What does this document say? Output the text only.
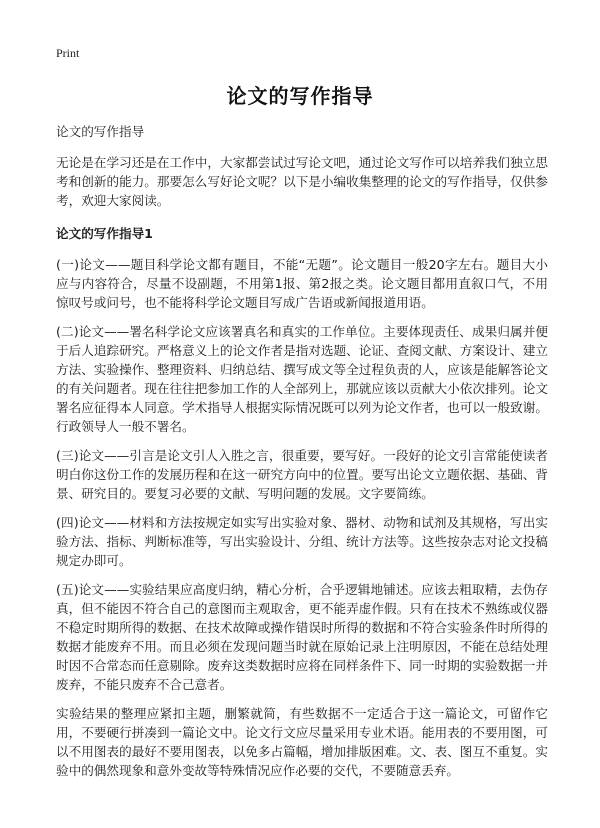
Print
论文的写作指导

论文的写作指导

无论是在学习还是在工作中，大家都尝试过写论文吧，通过论文写作可以培养我们独立思考和创新的能力。那要怎么写好论文呢？以下是小编收集整理的论文的写作指导，仅供参考，欢迎大家阅读。

论文的写作指导1

(一)论文——题目科学论文都有题目，不能“无题”。论文题目一般20字左右。题目大小应与内容符合，尽量不设副题，不用第1报、第2报之类。论文题目都用直叙口气，不用惊叹号或问号，也不能将科学论文题目写成广告语或新闻报道用语。

(二)论文——署名科学论文应该署真名和真实的工作单位。主要体现责任、成果归属并便于后人追踪研究。严格意义上的论文作者是指对选题、论证、查阅文献、方案设计、建立方法、实验操作、整理资料、归纳总结、撰写成文等全过程负责的人，应该是能解答论文的有关问题者。现在往往把参加工作的人全部列上，那就应该以贡献大小依次排列。论文署名应征得本人同意。学术指导人根据实际情况既可以列为论文作者，也可以一般致谢。行政领导人一般不署名。

(三)论文——引言是论文引人入胜之言，很重要，要写好。一段好的论文引言常能使读者明白你这份工作的发展历程和在这一研究方向中的位置。要写出论文立题依据、基础、背景、研究目的。要复习必要的文献、写明问题的发展。文字要简练。

(四)论文——材料和方法按规定如实写出实验对象、器材、动物和试剂及其规格，写出实验方法、指标、判断标准等，写出实验设计、分组、统计方法等。这些按杂志对论文投稿规定办即可。

(五)论文——实验结果应高度归纳，精心分析，合乎逻辑地铺述。应该去粗取精，去伪存真，但不能因不符合自己的意图而主观取舍，更不能弄虚作假。只有在技术不熟练或仪器不稳定时期所得的数据、在技术故障或操作错误时所得的数据和不符合实验条件时所得的数据才能废弃不用。而且必须在发现问题当时就在原始记录上注明原因，不能在总结处理时因不合常态而任意剔除。废弃这类数据时应将在同样条件下、同一时期的实验数据一并废弃，不能只废弃不合己意者。

实验结果的整理应紧扣主题，删繁就简，有些数据不一定适合于这一篇论文，可留作它用，不要硬行拼凑到一篇论文中。论文行文应尽量采用专业术语。能用表的不要用图，可以不用图表的最好不要用图表，以免多占篇幅，增加排版困难。文、表、图互不重复。实验中的偶然现象和意外变故等特殊情况应作必要的交代，不要随意丢弃。
